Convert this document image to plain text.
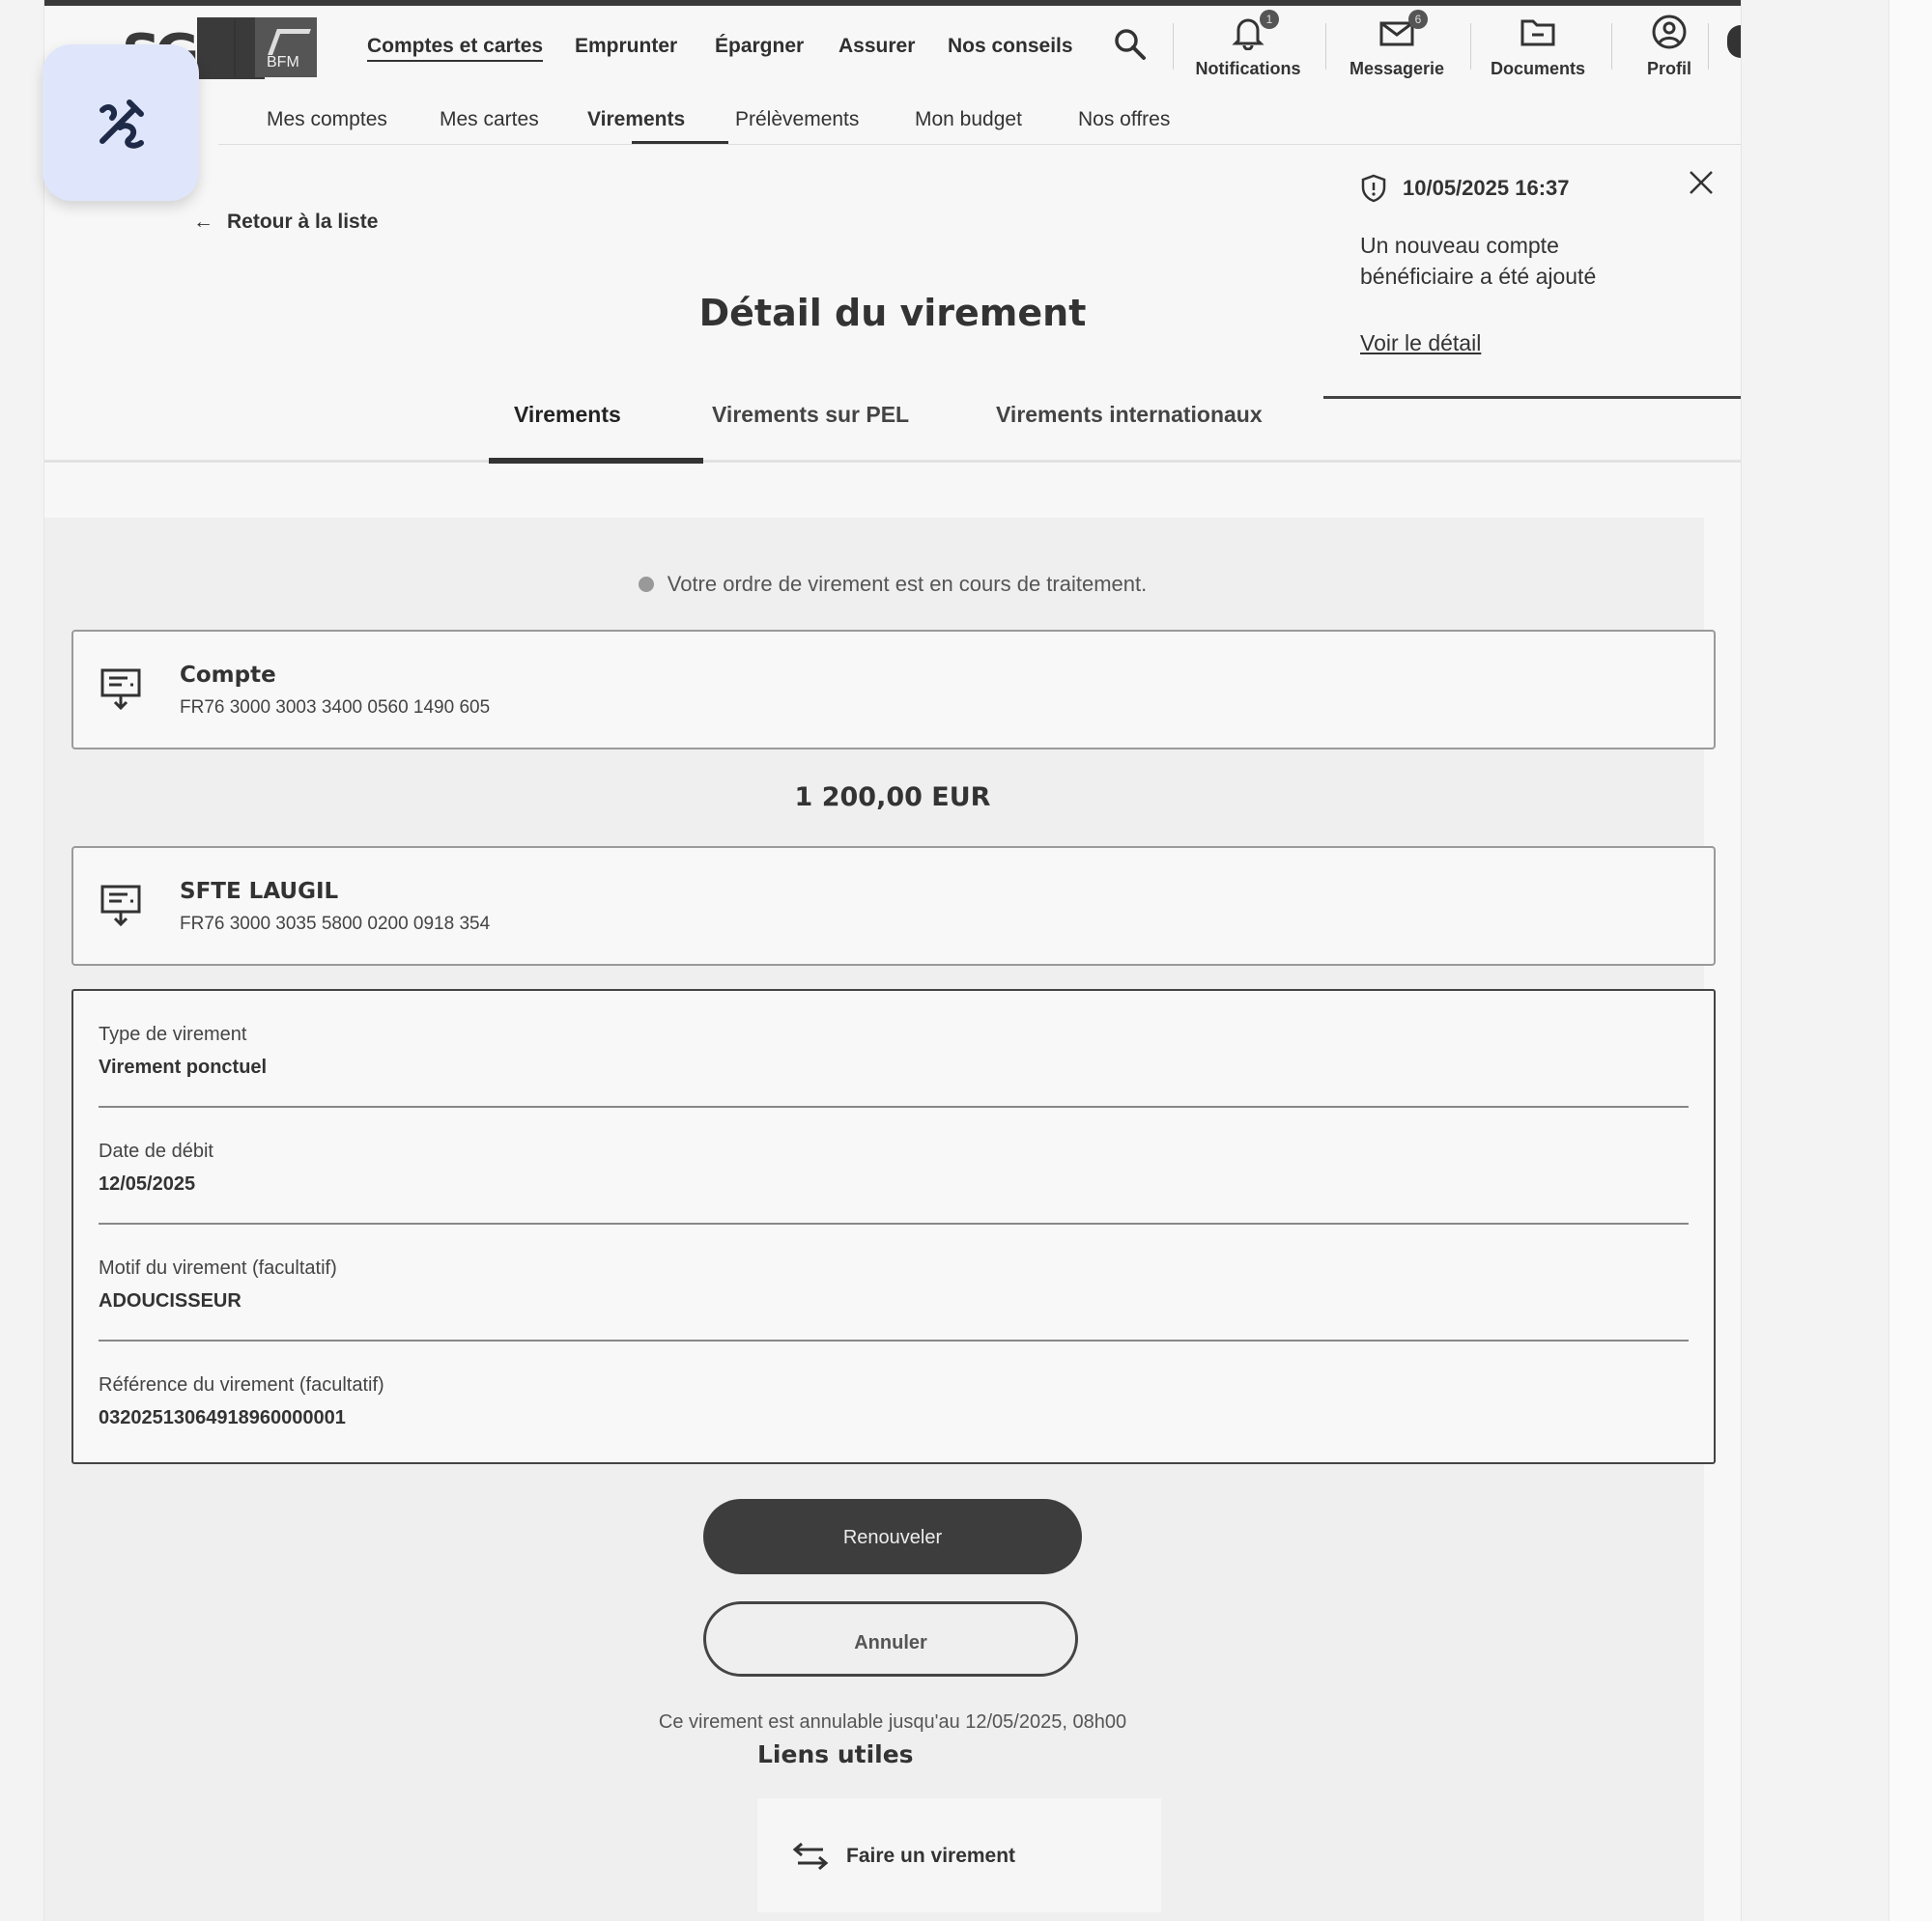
BFM
Comptes et cartes Emprunter Épargner Assurer Nos conseils
1
Notifications
6
Messagerie	Documents	Profil
Mes comptes	Mes cartes Virements Prélèvements	Mon budget	Nos offres
← Retour à la liste
10/05/2025 16:37
Un nouveau compte bénéficiaire a été ajouté
Voir le détail
Détail du virement
Virements	Virements sur PEL	Virements internationaux
Votre ordre de virement est en cours de traitement.
Compte
FR76 3000 3003 3400 0560 1490 605
1 200,00 EUR
SFTE LAUGIL
FR76 3000 3035 5800 0200 0918 354
Type de virement
Virement ponctuel
Date de débit
12/05/2025
Motif du virement (facultatif)
ADOUCISSEUR
Référence du virement (facultatif)
03202513064918960000001
Renouveler
Annuler
Ce virement est annulable jusqu'au 12/05/2025, 08h00
Liens utiles
Faire un virement
